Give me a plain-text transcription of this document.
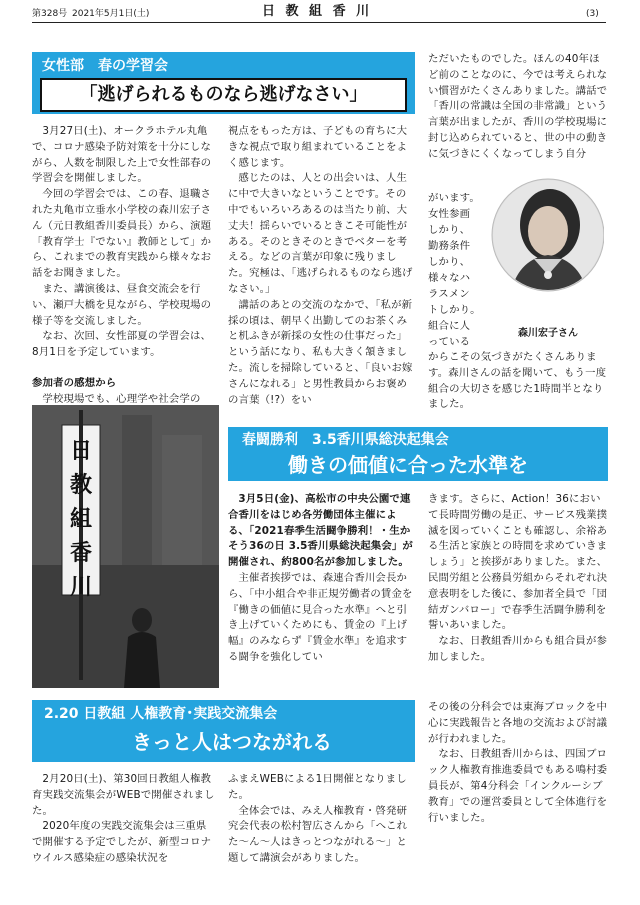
第328号 2021年5月1日(土)	日 教 組 香 川	(3)
女性部　春の学習会
「逃げられるものなら逃げなさい」

3月27日(土)、オークラホテル丸亀で、コロナ感染予防対策を十分にしながら、人数を制限した上で女性部春の学習会を開催しました。

今回の学習会では、この春、退職された丸亀市立垂水小学校の森川宏子さん（元日教組香川委員長）から、演題「教育学士『でない』教師として」から、これまでの教育実践から様々なお話をお聞きました。

また、講演後は、昼食交流会を行い、瀬戸大橋を見ながら、学校現場の様子等を交流しました。

なお、次回、女性部夏の学習会は、8月1日を予定しています。

参加者の感想から

学校現場でも、心理学や社会学の

視点をもった方は、子どもの育ちに大きな視点で取り組まれていることをよく感じます。

感じたのは、人との出会いは、人生に中で大きいなということです。その中でもいろいろあるのは当たり前、大丈夫！揺らいでいるときこそ可能性がある。そのときそのときでベターを考える。などの言葉が印象に残りました。究極は、「逃げられるものなら逃げなさい。」

講話のあとの交流のなかで、「私が新採の頃は、朝早く出勤してのお茶くみと机ふきが新採の女性の仕事だった」という話になり、私も大きく頷きました。流しを掃除していると、「良いお嫁さんになれる」と男性教員からお褒めの言葉（!?）をい

ただいたものでした。ほんの40年ほど前のことなのに、今では考えられない慣習がたくさんありました。講話で「香川の常識は全国の非常識」という言葉が出ましたが、香川の学校現場に封じ込められていると、世の中の動きに気づきにくくなってしまう自分

がいます。

女性参画

しかり、

勤務条件

しかり、

様々なハ

ラスメン

トしかり。

組合に人

っている

森川宏子さん

からこその気づきがたくさんあります。森川さんの話を聞いて、もう一度組合の大切さを感じた1時間半となりました。

日教組香川
春闘勝利　3.5香川県総決起集会
働きの価値に合った水準を

3月5日(金)、高松市の中央公園で連合香川をはじめ各労働団体主催による、「2021春季生活闘争勝利！・生かそう36の日 3.5香川県総決起集会」が開催され、約800名が参加しました。

主催者挨拶では、森連合香川会長から、「中小組合や非正規労働者の賃金を『働きの価値に見合った水準』へと引き上げていくためにも、賃金の『上げ幅』のみならず『賃金水準』を追求する闘争を強化してい

きます。さらに、Action！36において長時間労働の是正、サービス残業撲滅を図っていくことも確認し、余裕ある生活と家族との時間を求めていきましょう」と挨拶がありました。また、民間労組と公務員労組からそれぞれ決意表明をした後に、参加者全員で「団結ガンバロー」で春季生活闘争勝利を誓いあいました。

なお、日教組香川からも組合員が参加しました。

2.20 日教組 人権教育･実践交流集会
きっと人はつながれる

2月20日(土)、第30回日教組人権教育実践交流集会がWEBで開催されました。

2020年度の実践交流集会は三重県で開催する予定でしたが、新型コロナウイルス感染症の感染状況を

ふまえWEBによる1日開催となりました。

全体会では、みえ人権教育・啓発研究会代表の松村智広さんから「へこれた～ん～人はきっとつながれる～」と題して講演会がありました。

その後の分科会では東海ブロックを中心に実践報告と各地の交流および討議が行われました。

なお、日教組香川からは、四国ブロック人権教育推進委員でもある鳴村委員長が、第4分科会「インクルーシブ教育」での運営委員として全体進行を行いました。
